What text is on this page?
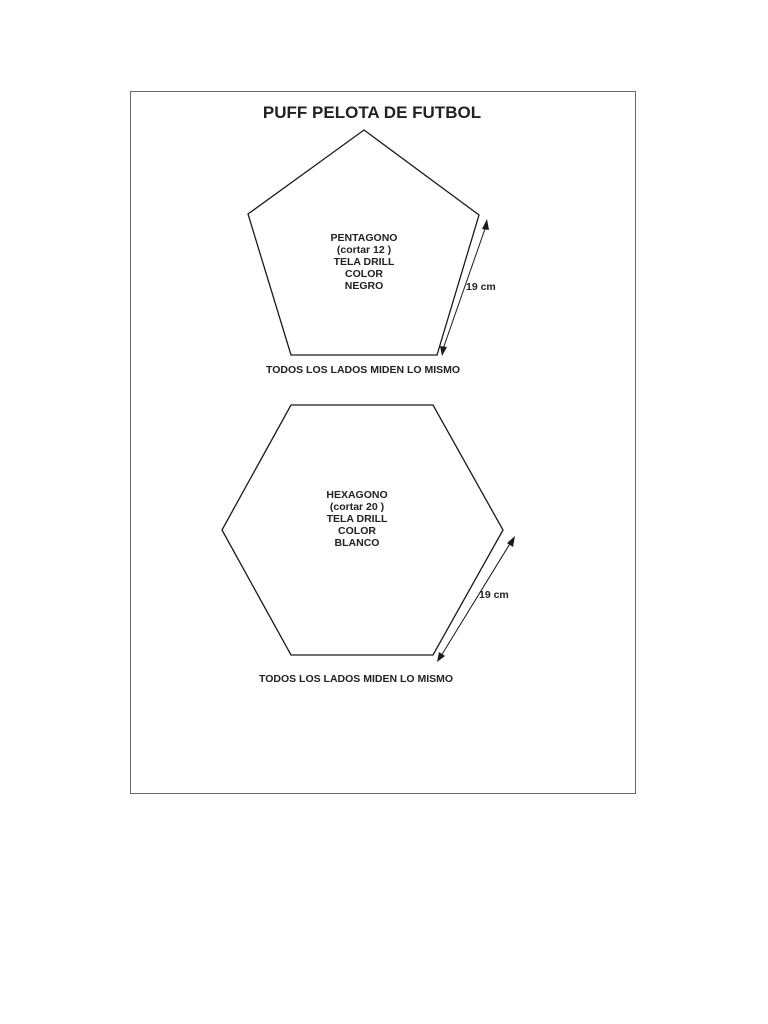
PUFF PELOTA DE FUTBOL
PENTAGONO
(cortar 12 )
TELA DRILL
COLOR
NEGRO	19 cm
TODOS LOS LADOS MIDEN LO MISMO
HEXAGONO
(cortar 20 )
TELA DRILL
COLOR
BLANCO
19 cm
TODOS LOS LADOS MIDEN LO MISMO
